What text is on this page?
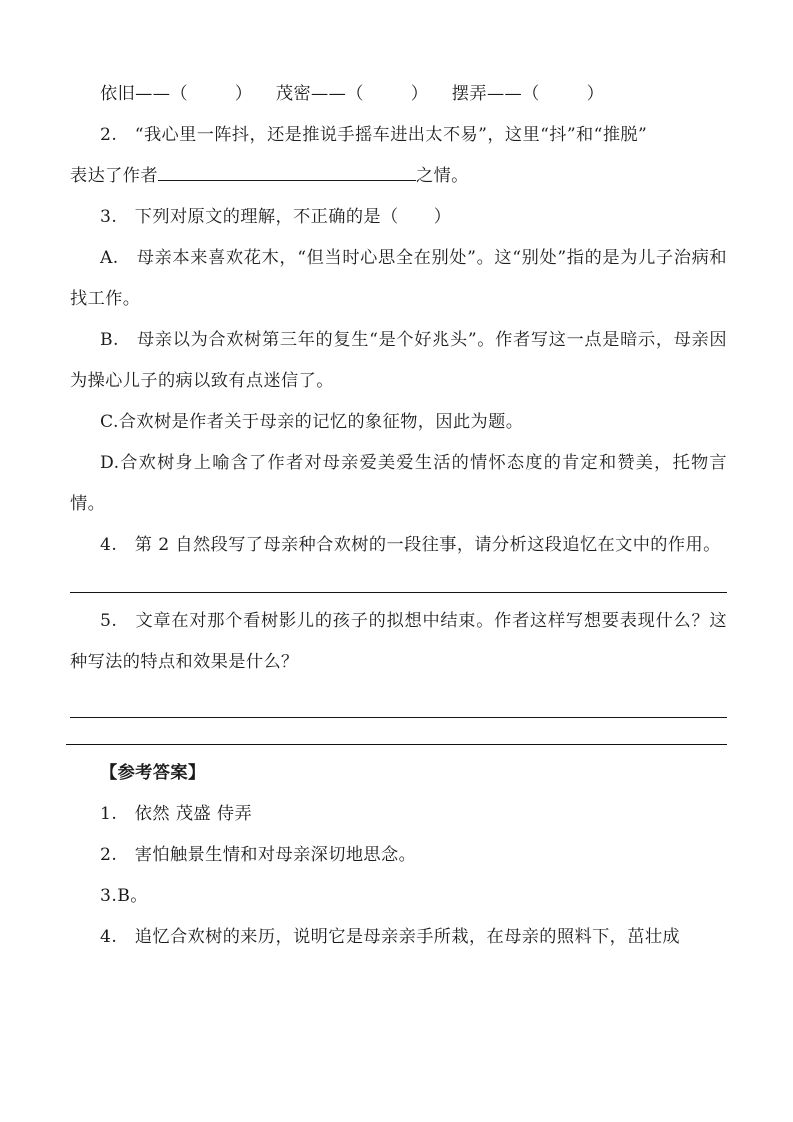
依旧——（        ）    茂密——（        ）    摆弄——（        ）
2.　“我心里一阵抖，还是推说手摇车进出太不易”，这里“抖”和“推脱”
表达了作者	之情。
3.　下列对原文的理解，不正确的是（　　）
A.　母亲本来喜欢花木，“但当时心思全在别处”。这“别处”指的是为儿子治病和找工作。
B.　母亲以为合欢树第三年的复生“是个好兆头”。作者写这一点是暗示，母亲因为操心儿子的病以致有点迷信了。
C.合欢树是作者关于母亲的记忆的象征物，因此为题。
D.合欢树身上喻含了作者对母亲爱美爱生活的情怀态度的肯定和赞美，托物言情。
4.　第 2 自然段写了母亲种合欢树的一段往事，请分析这段追忆在文中的作用。
5.　文章在对那个看树影儿的孩子的拟想中结束。作者这样写想要表现什么？这种写法的特点和效果是什么？
【参考答案】
1.　依然 茂盛 侍弄
2.　害怕触景生情和对母亲深切地思念。
3.B。
4.　追忆合欢树的来历，说明它是母亲亲手所栽，在母亲的照料下，茁壮成
